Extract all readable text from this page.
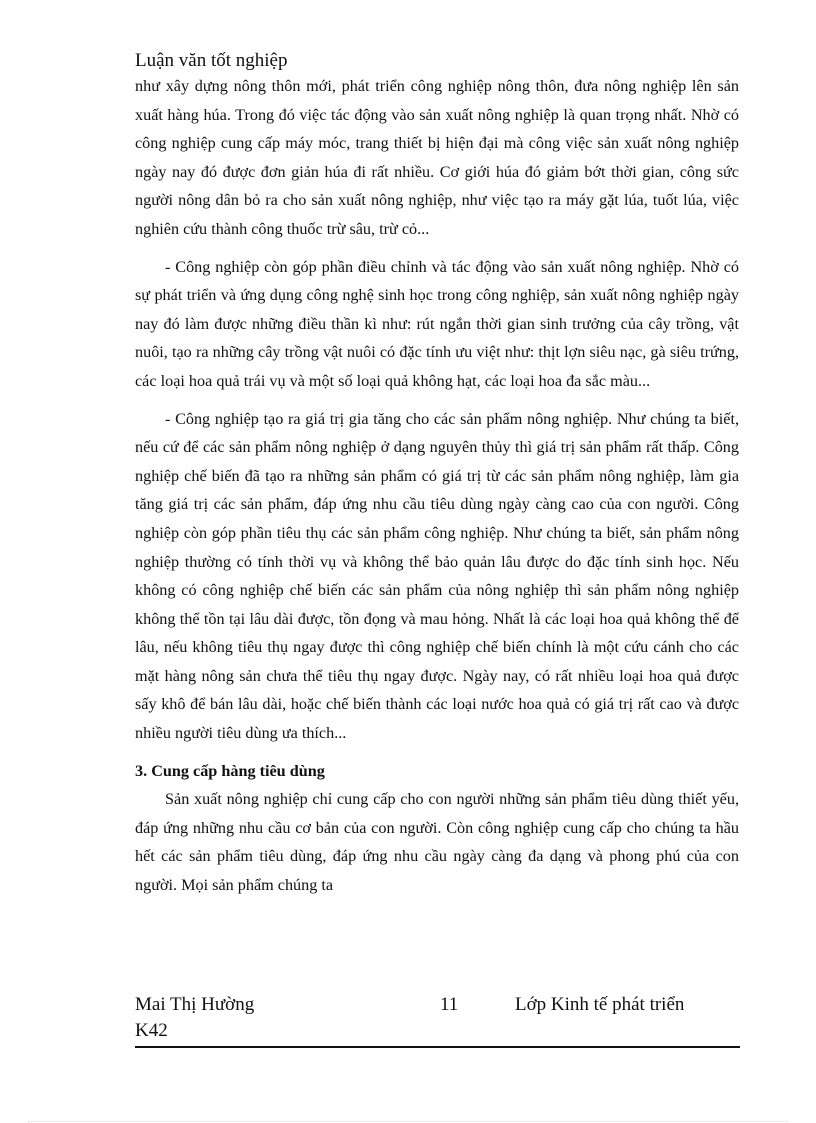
Luận văn tốt nghiệp

như xây dựng nông thôn mới, phát triển công nghiệp nông thôn, đưa nông nghiệp lên sản xuất hàng húa. Trong đó việc tác động vào sản xuất nông nghiệp là quan trọng nhất. Nhờ có công nghiệp cung cấp máy móc, trang thiết bị hiện đại mà công việc sản xuất nông nghiệp ngày nay đó được đơn giản húa đi rất nhiều. Cơ giới húa đó giảm bớt thời gian, công sức người nông dân bỏ ra cho sản xuất nông nghiệp, như việc tạo ra máy gặt lúa, tuốt lúa, việc nghiên cứu thành công thuốc trừ sâu, trừ cỏ...

- Công nghiệp còn góp phần điều chỉnh và tác động vào sản xuất nông nghiệp. Nhờ có sự phát triển và ứng dụng công nghệ sinh học trong công nghiệp, sản xuất nông nghiệp ngày nay đó làm được những điều thần kì như: rút ngắn thời gian sinh trưởng của cây trồng, vật nuôi, tạo ra những cây trồng vật nuôi có đặc tính ưu việt như: thịt lợn siêu nạc, gà siêu trứng, các loại hoa quả trái vụ và một số loại quả không hạt, các loại hoa đa sắc màu...

- Công nghiệp tạo ra giá trị gia tăng cho các sản phẩm nông nghiệp. Như chúng ta biết, nếu cứ để các sản phẩm nông nghiệp ở dạng nguyên thủy thì giá trị sản phẩm rất thấp. Công nghiệp chế biến đã tạo ra những sản phẩm có giá trị từ các sản phẩm nông nghiệp, làm gia tăng giá trị các sản phẩm, đáp ứng nhu cầu tiêu dùng ngày càng cao của con người. Công nghiệp còn góp phần tiêu thụ các sản phẩm công nghiệp. Như chúng ta biết, sản phẩm nông nghiệp thường có tính thời vụ và không thể bảo quản lâu được do đặc tính sinh học. Nếu không có công nghiệp chế biến các sản phẩm của nông nghiệp thì sản phẩm nông nghiệp không thể tồn tại lâu dài được, tồn đọng và mau hỏng. Nhất là các loại hoa quả không thể để lâu, nếu không tiêu thụ ngay được thì công nghiệp chế biến chính là một cứu cánh cho các mặt hàng nông sản chưa thể tiêu thụ ngay được. Ngày nay, có rất nhiều loại hoa quả được sấy khô để bán lâu dài, hoặc chế biến thành các loại nước hoa quả có giá trị rất cao và được nhiều người tiêu dùng ưa thích...

3. Cung cấp hàng tiêu dùng

Sản xuất nông nghiệp chỉ cung cấp cho con người những sản phẩm tiêu dùng thiết yếu, đáp ứng những nhu cầu cơ bản của con người. Còn công nghiệp cung cấp cho chúng ta hầu hết các sản phẩm tiêu dùng, đáp ứng nhu cầu ngày càng đa dạng và phong phú của con người. Mọi sản phẩm chúng ta

Mai Thị Hường	11	Lớp Kinh tế phát triển
K42
